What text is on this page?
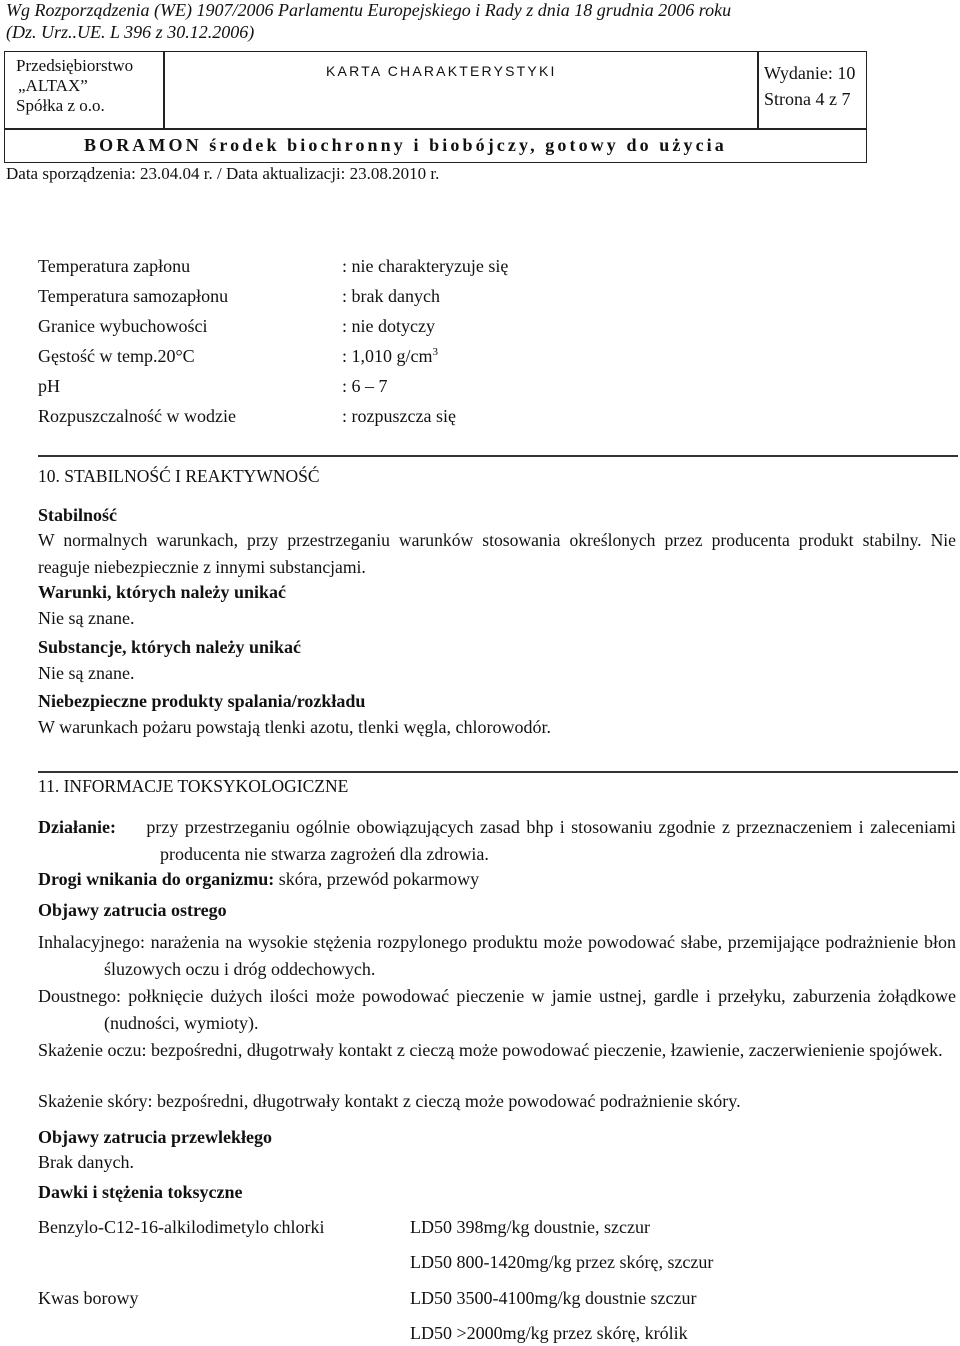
Wg Rozporządzenia (WE) 1907/2006 Parlamentu Europejskiego i Rady z dnia 18 grudnia 2006 roku
(Dz. Urz..UE. L 396 z 30.12.2006)
Przedsiębiorstwo
„ALTAX”
Spółka z o.o.
KARTA CHARAKTERYSTYKI	Wydanie: 10
Strona 4 z 7
BORAMON środek biochronny i biobójczy, gotowy do użycia
Data sporządzenia: 23.04.04 r. / Data aktualizacji: 23.08.2010 r.
Temperatura zapłonu	: nie charakteryzuje się
Temperatura samozapłonu	: brak danych
Granice wybuchowości	: nie dotyczy
Gęstość w temp.20°C	: 1,010 $g/cm^3$
pH	: 6 – 7
Rozpuszczalność w wodzie	: rozpuszcza się
10. STABILNOŚĆ I REAKTYWNOŚĆ
Stabilność
W normalnych warunkach, przy przestrzeganiu warunków stosowania określonych przez producenta produkt stabilny. Nie reaguje niebezpiecznie z innymi substancjami.
Warunki, których należy unikać
Nie są znane.
Substancje, których należy unikać
Nie są znane.
Niebezpieczne produkty spalania/rozkładu
W warunkach pożaru powstają tlenki azotu, tlenki węgla, chlorowodór.
11. INFORMACJE TOKSYKOLOGICZNE
Działanie: przy przestrzeganiu ogólnie obowiązujących zasad bhp i stosowaniu zgodnie z przeznaczeniem i zaleceniami producenta nie stwarza zagrożeń dla zdrowia.
Drogi wnikania do organizmu: skóra, przewód pokarmowy
Objawy zatrucia ostrego
Inhalacyjnego: narażenia na wysokie stężenia rozpylonego produktu może powodować słabe, przemijające podrażnienie błon śluzowych oczu i dróg oddechowych.
Doustnego: połknięcie dużych ilości może powodować pieczenie w jamie ustnej, gardle i przełyku, zaburzenia żołądkowe (nudności, wymioty).
Skażenie oczu: bezpośredni, długotrwały kontakt z cieczą może powodować pieczenie, łzawienie, zaczerwienienie spojówek.
Skażenie skóry: bezpośredni, długotrwały kontakt z cieczą może powodować podrażnienie skóry.
Objawy zatrucia przewlekłego
Brak danych.
Dawki i stężenia toksyczne
Benzylo-C12-16-alkilodimetylo chlorki	LD50 398mg/kg doustnie, szczur
LD50 800-1420mg/kg przez skórę, szczur
Kwas borowy	LD50 3500-4100mg/kg doustnie szczur
LD50 >2000mg/kg przez skórę, królik
